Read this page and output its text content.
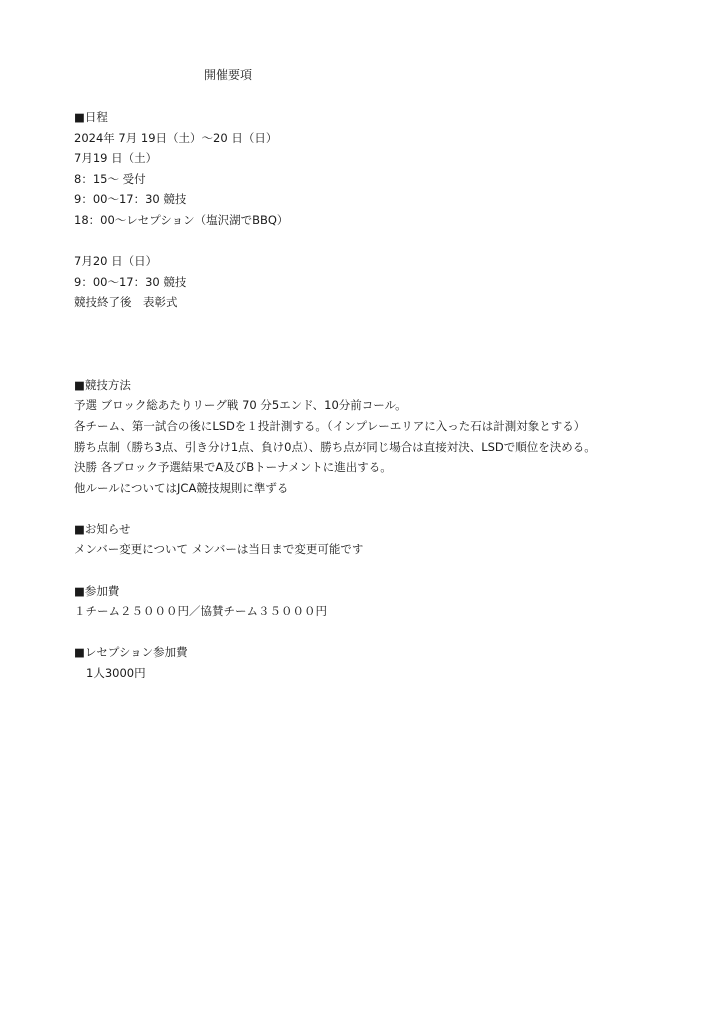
開催要項
■日程
2024年 7月 19日（土）～20 日（日）
7月19 日（土）
8：15～ 受付
9：00～17：30 競技
18：00～レセプション（塩沢湖でBBQ）
7月20 日（日）
9：00～17：30 競技
競技終了後　表彰式
■競技方法
予選 ブロック総あたりリーグ戦 70 分5エンド、10分前コール。
各チーム、第一試合の後にLSDを１投計測する。（インプレーエリアに入った石は計測対象とする）
勝ち点制（勝ち3点、引き分け1点、負け0点）、勝ち点が同じ場合は直接対決、LSDで順位を決める。
決勝 各ブロック予選結果でA及びBトーナメントに進出する。
他ルールについてはJCA競技規則に準ずる
■お知らせ
メンバー変更について メンバーは当日まで変更可能です
■参加費
１チーム２５０００円／協賛チーム３５０００円
■レセプション参加費
1人3000円
